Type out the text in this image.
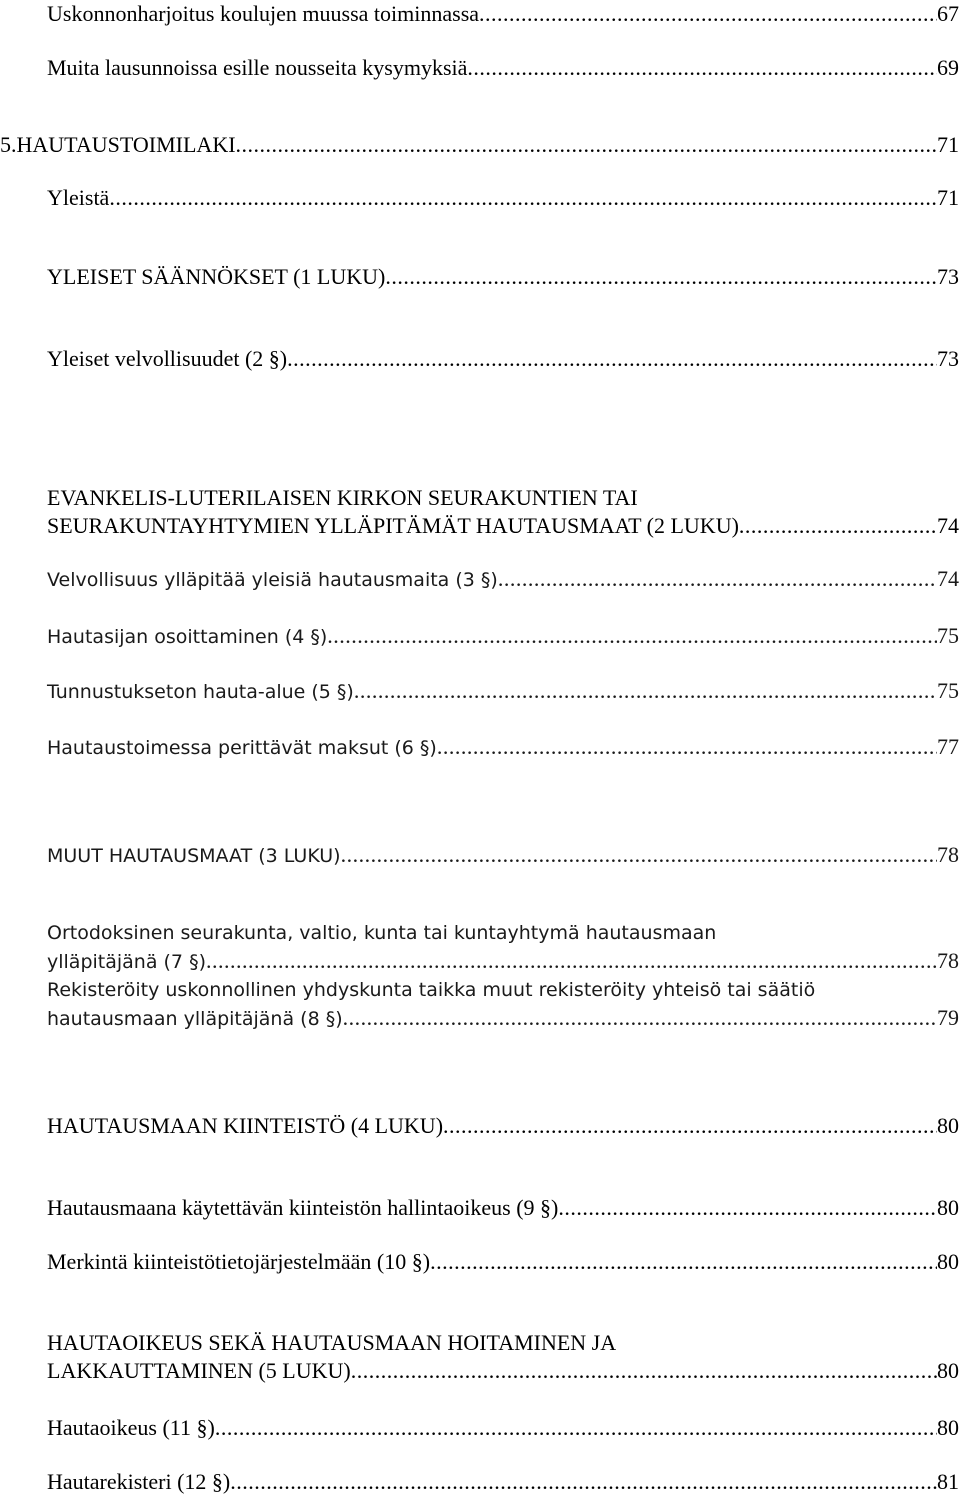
Uskonnonharjoitus koulujen muussa toiminnassa .....	67
Muita lausunnoissa esille nousseita kysymyksiä .....	69
5. HAUTAUSTOIMILAKI .....	71
Yleistä .....	71
YLEISET SÄÄNNÖKSET (1 LUKU) .....	73
Yleiset velvollisuudet (2 §) .....	73
EVANKELIS-LUTERILAISEN KIRKON SEURAKUNTIEN TAI
SEURAKUNTAYHTYMIEN YLLÄPITÄMÄT HAUTAUSMAAT (2 LUKU) .....	74
Velvollisuus ylläpitää yleisiä hautausmaita (3 §) .....	74
Hautasijan osoittaminen (4 §) .....	75
Tunnustukseton hauta-alue (5 §) .....	75
Hautaustoimessa perittävät maksut (6 §) .....	77
MUUT HAUTAUSMAAT (3 LUKU) .....	78
Ortodoksinen seurakunta, valtio, kunta tai kuntayhtymä hautausmaan
ylläpitäjänä (7 §) .....	78
Rekisteröity uskonnollinen yhdyskunta taikka muut rekisteröity yhteisö tai säätiö
hautausmaan ylläpitäjänä (8 §) .....	79
HAUTAUSMAAN KIINTEISTÖ (4 LUKU) .....	80
Hautausmaana käytettävän kiinteistön hallintaoikeus (9 §) .....	80
Merkintä kiinteistötietojärjestelmään (10 §) .....	80
HAUTAOIKEUS SEKÄ HAUTAUSMAAN HOITAMINEN JA
LAKKAUTTAMINEN (5 LUKU) .....	80
Hautaoikeus (11 §) .....	80
Hautarekisteri (12 §) .....	81
